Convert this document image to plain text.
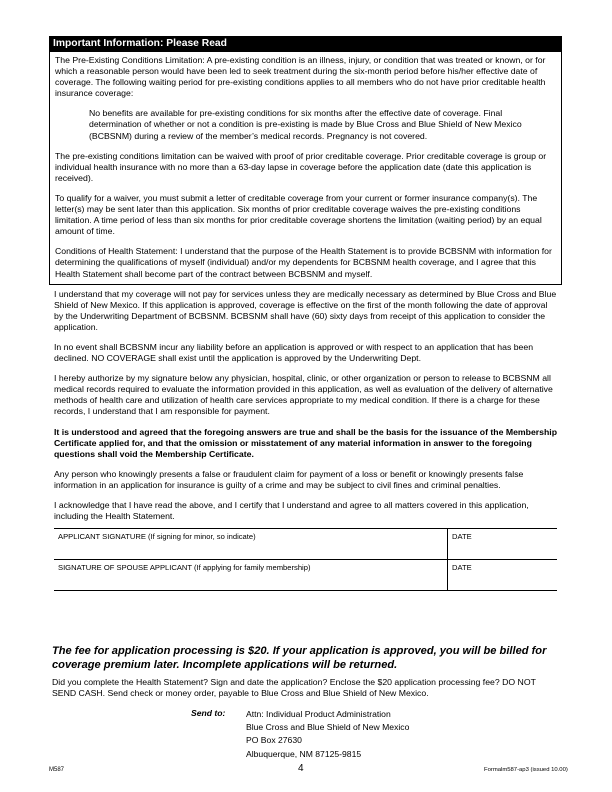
Important Information: Please Read

The Pre-Existing Conditions Limitation: A pre-existing condition is an illness, injury, or condition that was treated or known, or for which a reasonable person would have been led to seek treatment during the six-month period before his/her effective date of coverage. The following waiting period for pre-existing conditions applies to all members who do not have prior creditable health insurance coverage:

No benefits are available for pre-existing conditions for six months after the effective date of coverage. Final determination of whether or not a condition is pre-existing is made by Blue Cross and Blue Shield of New Mexico (BCBSNM) during a review of the member’s medical records. Pregnancy is not covered.

The pre-existing conditions limitation can be waived with proof of prior creditable coverage. Prior creditable coverage is group or individual health insurance with no more than a 63-day lapse in coverage before the application date (date this application is received).

To qualify for a waiver, you must submit a letter of creditable coverage from your current or former insurance company(s). The letter(s) may be sent later than this application. Six months of prior creditable coverage waives the pre-existing conditions limitation. A time period of less than six months for prior creditable coverage shortens the limitation (waiting period) by an equal amount of time.

Conditions of Health Statement: I understand that the purpose of the Health Statement is to provide BCBSNM with information for determining the qualifications of myself (individual) and/or my dependents for BCBSNM health coverage, and I agree that this Health Statement shall become part of the contract between BCBSNM and myself.

I understand that my coverage will not pay for services unless they are medically necessary as determined by Blue Cross and Blue Shield of New Mexico. If this application is approved, coverage is effective on the first of the month following the date of approval by the Underwriting Department of BCBSNM. BCBSNM shall have (60) sixty days from receipt of this application to consider the application.

In no event shall BCBSNM incur any liability before an application is approved or with respect to an application that has been declined. NO COVERAGE shall exist until the application is approved by the Underwriting Dept.

I hereby authorize by my signature below any physician, hospital, clinic, or other organization or person to release to BCBSNM all medical records required to evaluate the information provided in this application, as well as evaluation of the delivery of alternative methods of health care and utilization of health care services appropriate to my medical condition. If there is a charge for these records, I understand that I am responsible for payment.

It is understood and agreed that the foregoing answers are true and shall be the basis for the issuance of the Membership Certificate applied for, and that the omission or misstatement of any material information in answer to the foregoing questions shall void the Membership Certificate.

Any person who knowingly presents a false or fraudulent claim for payment of a loss or benefit or knowingly presents false information in an application for insurance is guilty of a crime and may be subject to civil fines and criminal penalties.

I acknowledge that I have read the above, and I certify that I understand and agree to all matters covered in this application, including the Health Statement.

APPLICANT SIGNATURE (If signing for minor, so indicate)	DATE
SIGNATURE OF SPOUSE APPLICANT (If applying for family membership)	DATE
The fee for application processing is $20. If your application is approved, you will be billed for coverage premium later. Incomplete applications will be returned.
Did you complete the Health Statement? Sign and date the application? Enclose the $20 application processing fee? DO NOT SEND CASH. Send check or money order, payable to Blue Cross and Blue Shield of New Mexico.
Send to: Attn: Individual Product Administration
Blue Cross and Blue Shield of New Mexico
PO Box 27630
Albuquerque, NM 87125-9815
M587	4	Formalm587-ap3 (issued 10.00)
